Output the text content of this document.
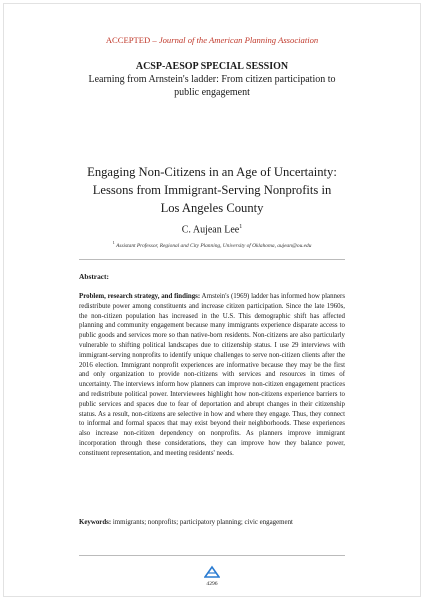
ACCEPTED – Journal of the American Planning Association
ACSP-AESOP SPECIAL SESSION
Learning from Arnstein's ladder: From citizen participation to
public engagement
Engaging Non-Citizens in an Age of Uncertainty:
Lessons from Immigrant-Serving Nonprofits in
Los Angeles County
C. Aujean Lee$^1$
$^1$ Assistant Professor, Regional and City Planning, University of Oklahoma, aujean@ou.edu
Abstract:
Problem, research strategy, and findings: Arnstein's (1969) ladder has informed how planners redistribute power among constituents and increase citizen participation. Since the late 1960s, the non-citizen population has increased in the U.S. This demographic shift has affected planning and community engagement because many immigrants experience disparate access to public goods and services more so than native-born residents. Non-citizens are also particularly vulnerable to shifting political landscapes due to citizenship status. I use 29 interviews with immigrant-serving nonprofits to identify unique challenges to serve non-citizen clients after the 2016 election. Immigrant nonprofit experiences are informative because they may be the first and only organization to provide non-citizens with services and resources in times of uncertainty. The interviews inform how planners can improve non-citizen engagement practices and redistribute political power. Interviewees highlight how non-citizens experience barriers to public services and spaces due to fear of deportation and abrupt changes in their citizenship status. As a result, non-citizens are selective in how and where they engage. Thus, they connect to informal and formal spaces that may exist beyond their neighborhoods. These experiences also increase non-citizen dependency on nonprofits. As planners improve immigrant incorporation through these considerations, they can improve how they balance power, constituent representation, and meeting residents' needs.
Keywords: immigrants; nonprofits; participatory planning; civic engagement
4296
